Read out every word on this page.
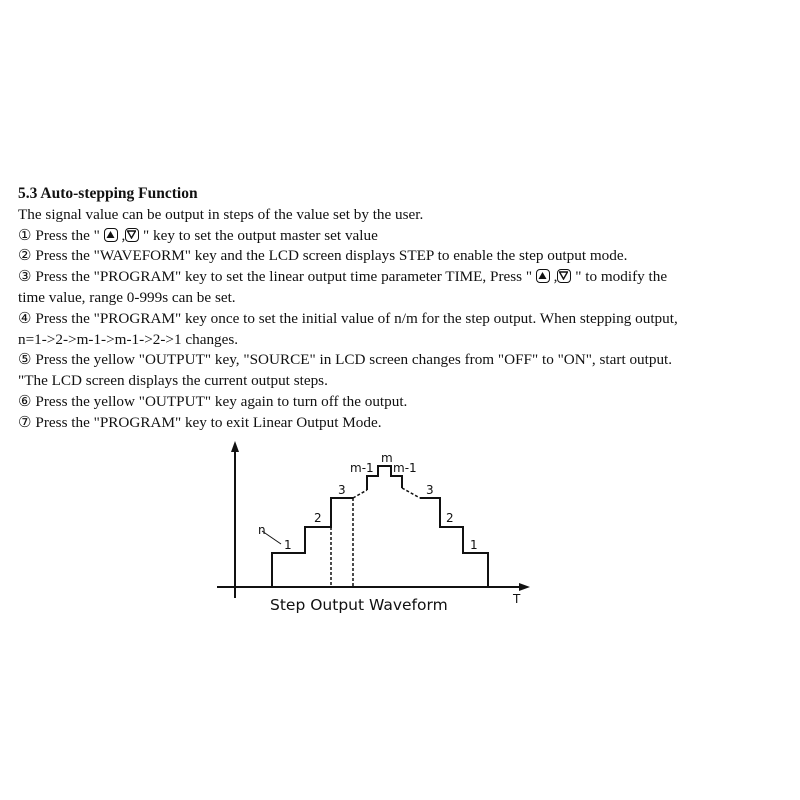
5.3 Auto-stepping Function
The signal value can be output in steps of the value set by the user.
① Press the " , " key to set the output master set value
② Press the "WAVEFORM" key and the LCD screen displays STEP to enable the step output mode.
③ Press the "PROGRAM" key to set the linear output time parameter TIME, Press " , " to modify the
time value, range 0-999s can be set.
④ Press the "PROGRAM" key once to set the initial value of n/m for the step output. When stepping output,
n=1->2->m-1->m-1->2->1 changes.
⑤ Press the yellow "OUTPUT" key, "SOURCE" in LCD screen changes from "OFF" to "ON", start output.
"The LCD screen displays the current output steps.
⑥ Press the yellow "OUTPUT" key again to turn off the output.
⑦ Press the "PROGRAM" key to exit Linear Output Mode.
n
1
2
3
m-1
m
m-1
3
2
1
T
Step Output Waveform
